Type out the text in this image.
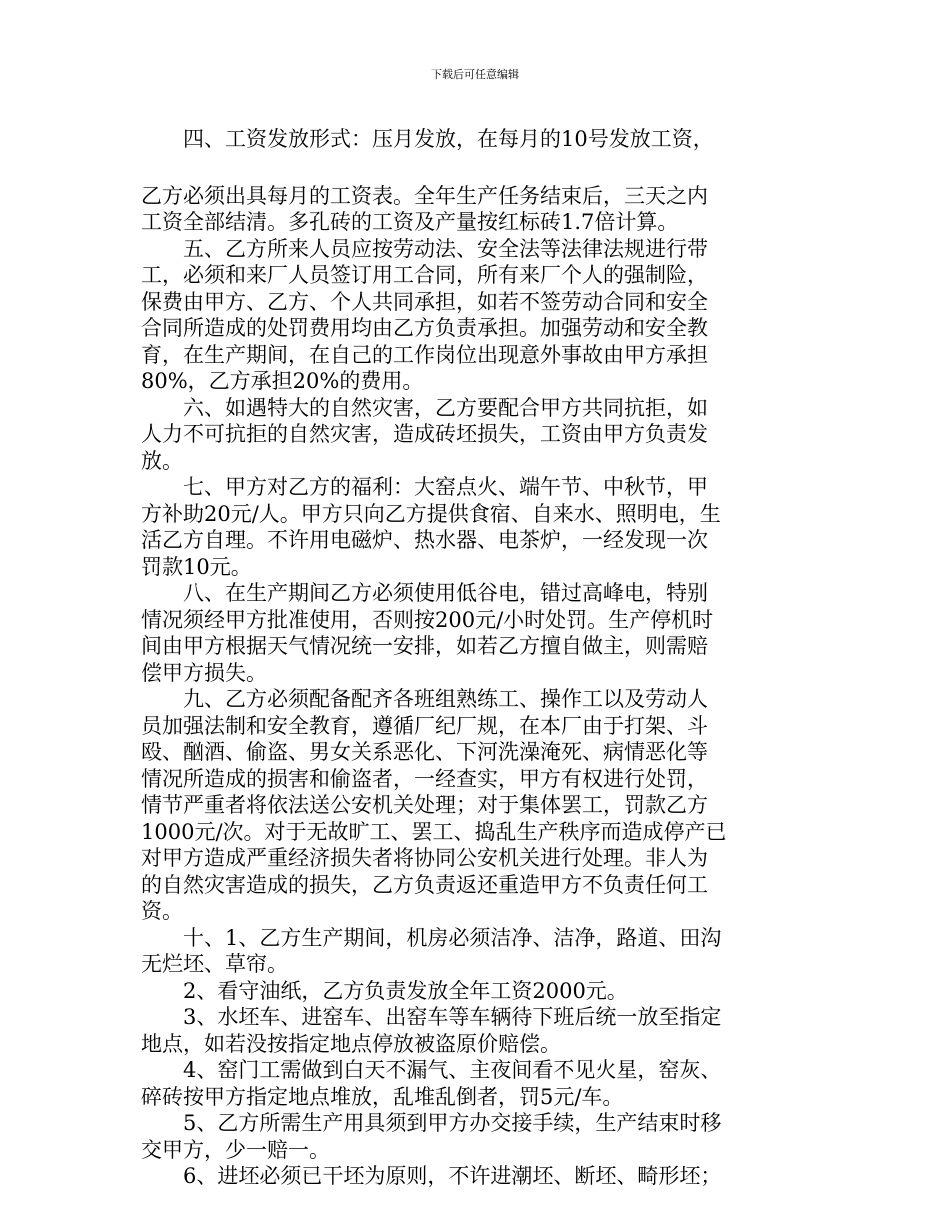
下载后可任意编辑

四、工资发放形式：压月发放，在每月的10号发放工资，

乙方必须出具每月的工资表。全年生产任务结束后，三天之内

工资全部结清。多孔砖的工资及产量按红标砖1.7倍计算。

五、乙方所来人员应按劳动法、安全法等法律法规进行带

工，必须和来厂人员签订用工合同，所有来厂个人的强制险，

保费由甲方、乙方、个人共同承担，如若不签劳动合同和安全

合同所造成的处罚费用均由乙方负责承担。加强劳动和安全教

育，在生产期间，在自己的工作岗位出现意外事故由甲方承担

80%，乙方承担20%的费用。

六、如遇特大的自然灾害，乙方要配合甲方共同抗拒，如

人力不可抗拒的自然灾害，造成砖坯损失，工资由甲方负责发

放。

七、甲方对乙方的福利：大窑点火、端午节、中秋节，甲

方补助20元/人。甲方只向乙方提供食宿、自来水、照明电，生

活乙方自理。不许用电磁炉、热水器、电茶炉，一经发现一次

罚款10元。

八、在生产期间乙方必须使用低谷电，错过高峰电，特别

情况须经甲方批准使用，否则按200元/小时处罚。生产停机时

间由甲方根据天气情况统一安排，如若乙方擅自做主，则需赔

偿甲方损失。

九、乙方必须配备配齐各班组熟练工、操作工以及劳动人

员加强法制和安全教育，遵循厂纪厂规，在本厂由于打架、斗

殴、酗酒、偷盗、男女关系恶化、下河洗澡淹死、病情恶化等

情况所造成的损害和偷盗者，一经查实，甲方有权进行处罚，

情节严重者将依法送公安机关处理；对于集体罢工，罚款乙方

1000元/次。对于无故旷工、罢工、捣乱生产秩序而造成停产已

对甲方造成严重经济损失者将协同公安机关进行处理。非人为

的自然灾害造成的损失，乙方负责返还重造甲方不负责任何工

资。

十、1、乙方生产期间，机房必须洁净、洁净，路道、田沟

无烂坯、草帘。

2、看守油纸，乙方负责发放全年工资2000元。

3、水坯车、进窑车、出窑车等车辆待下班后统一放至指定

地点，如若没按指定地点停放被盗原价赔偿。

4、窑门工需做到白天不漏气、主夜间看不见火星，窑灰、

碎砖按甲方指定地点堆放，乱堆乱倒者，罚5元/车。

5、乙方所需生产用具须到甲方办交接手续，生产结束时移

交甲方，少一赔一。

6、进坯必须已干坯为原则，不许进潮坯、断坯、畸形坯；
